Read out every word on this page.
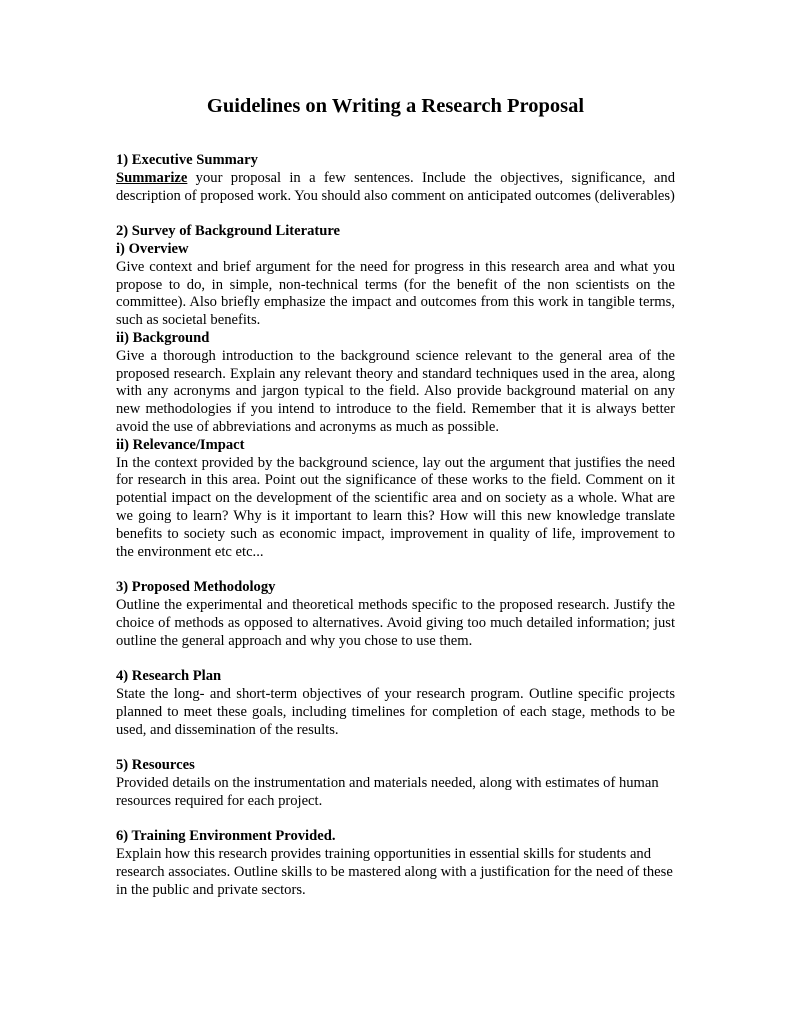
Guidelines on Writing a Research Proposal

1) Executive Summary

Summarize your proposal in a few sentences. Include the objectives, significance, and description of proposed work. You should also comment on anticipated outcomes (deliverables)

2) Survey of Background Literature

i) Overview

Give context and brief argument for the need for progress in this research area and what you propose to do, in simple, non-technical terms (for the benefit of the non scientists on the committee). Also briefly emphasize the impact and outcomes from this work in tangible terms, such as societal benefits.

ii) Background

Give a thorough introduction to the background science relevant to the general area of the proposed research. Explain any relevant theory and standard techniques used in the area, along with any acronyms and jargon typical to the field. Also provide background material on any new methodologies if you intend to introduce to the field. Remember that it is always better avoid the use of abbreviations and acronyms as much as possible.

ii) Relevance/Impact

In the context provided by the background science, lay out the argument that justifies the need for research in this area. Point out the significance of these works to the field. Comment on it potential impact on the development of the scientific area and on society as a whole. What are we going to learn? Why is it important to learn this? How will this new knowledge translate benefits to society such as economic impact, improvement in quality of life, improvement to the environment etc etc...

3) Proposed Methodology

Outline the experimental and theoretical methods specific to the proposed research. Justify the choice of methods as opposed to alternatives. Avoid giving too much detailed information; just outline the general approach and why you chose to use them.

4) Research Plan

State the long- and short-term objectives of your research program. Outline specific projects planned to meet these goals, including timelines for completion of each stage, methods to be used, and dissemination of the results.

5) Resources

Provided details on the instrumentation and materials needed, along with estimates of human resources required for each project.

6) Training Environment Provided.

Explain how this research provides training opportunities in essential skills for students and research associates. Outline skills to be mastered along with a justification for the need of these in the public and private sectors.
